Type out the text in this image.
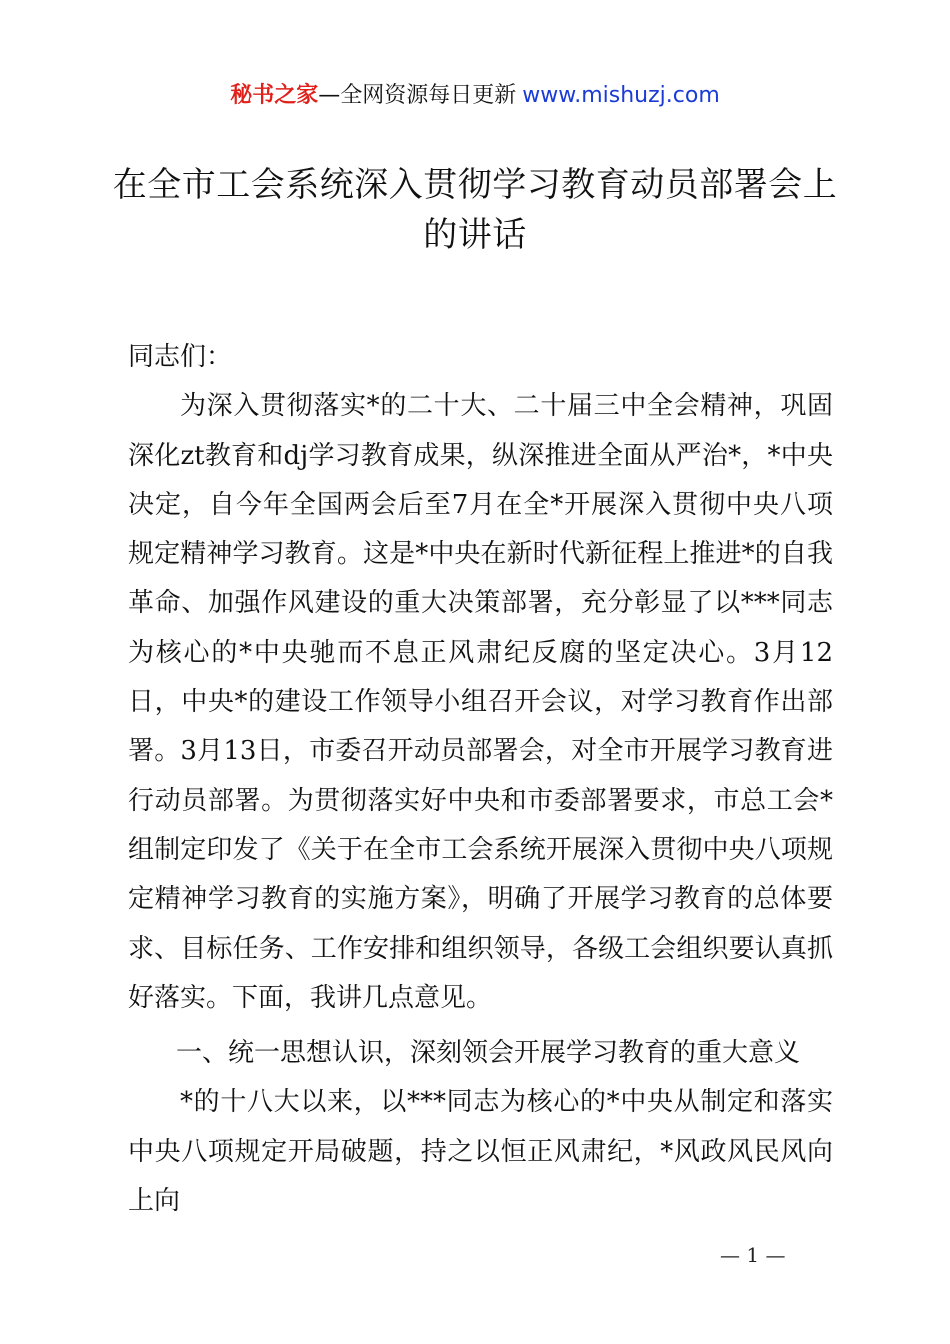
秘书之家—全网资源每日更新 www.mishuzj.com
在全市工会系统深入贯彻学习教育动员部署会上的讲话

同志们：

为深入贯彻落实*的二十大、二十届三中全会精神，巩固深化zt教育和dj学习教育成果，纵深推进全面从严治*，*中央决定，自今年全国两会后至7月在全*开展深入贯彻中央八项规定精神学习教育。这是*中央在新时代新征程上推进*的自我革命、加强作风建设的重大决策部署，充分彰显了以***同志为核心的*中央驰而不息正风肃纪反腐的坚定决心。3月12日，中央*的建设工作领导小组召开会议，对学习教育作出部署。3月13日，市委召开动员部署会，对全市开展学习教育进行动员部署。为贯彻落实好中央和市委部署要求，市总工会*组制定印发了《关于在全市工会系统开展深入贯彻中央八项规定精神学习教育的实施方案》，明确了开展学习教育的总体要求、目标任务、工作安排和组织领导，各级工会组织要认真抓好落实。下面，我讲几点意见。

一、统一思想认识，深刻领会开展学习教育的重大意义

*的十八大以来，以***同志为核心的*中央从制定和落实中央八项规定开局破题，持之以恒正风肃纪，*风政风民风向上向

— 1 —
